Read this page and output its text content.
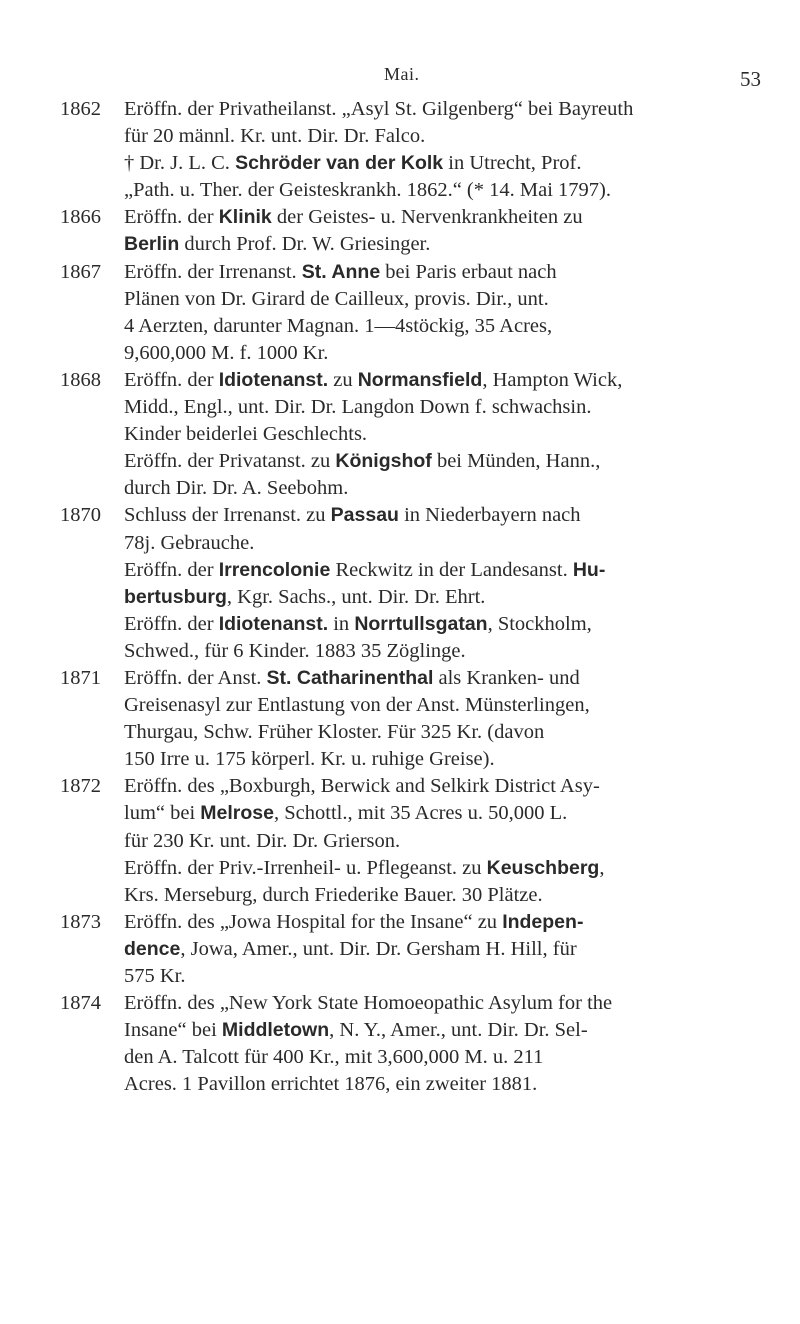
Mai.	53
1862	Eröffn. der Privatheilanst. „Asyl St. Gilgenberg“ bei Bayreuth
für 20 männl. Kr. unt. Dir. Dr. Falco.
† Dr. J. L. C. Schröder van der Kolk in Utrecht, Prof.
„Path. u. Ther. der Geisteskrankh. 1862.“ (* 14. Mai 1797).
1866	Eröffn. der Klinik der Geistes- u. Nervenkrankheiten zu
Berlin durch Prof. Dr. W. Griesinger.
1867	Eröffn. der Irrenanst. St. Anne bei Paris erbaut nach
Plänen von Dr. Girard de Cailleux, provis. Dir., unt.
4 Aerzten, darunter Magnan. 1—4stöckig, 35 Acres,
9,600,000 M. f. 1000 Kr.
1868	Eröffn. der Idiotenanst. zu Normansfield, Hampton Wick,
Midd., Engl., unt. Dir. Dr. Langdon Down f. schwachsin.
Kinder beiderlei Geschlechts.
Eröffn. der Privatanst. zu Königshof bei Münden, Hann.,
durch Dir. Dr. A. Seebohm.
1870	Schluss der Irrenanst. zu Passau in Niederbayern nach
78j. Gebrauche.
Eröffn. der Irrencolonie Reckwitz in der Landesanst. Hu-
bertusburg, Kgr. Sachs., unt. Dir. Dr. Ehrt.
Eröffn. der Idiotenanst. in Norrtullsgatan, Stockholm,
Schwed., für 6 Kinder. 1883 35 Zöglinge.
1871	Eröffn. der Anst. St. Catharinenthal als Kranken- und
Greisenasyl zur Entlastung von der Anst. Münsterlingen,
Thurgau, Schw. Früher Kloster. Für 325 Kr. (davon
150 Irre u. 175 körperl. Kr. u. ruhige Greise).
1872	Eröffn. des „Boxburgh, Berwick and Selkirk District Asy-
lum“ bei Melrose, Schottl., mit 35 Acres u. 50,000 L.
für 230 Kr. unt. Dir. Dr. Grierson.
Eröffn. der Priv.-Irrenheil- u. Pflegeanst. zu Keuschberg,
Krs. Merseburg, durch Friederike Bauer. 30 Plätze.
1873	Eröffn. des „Jowa Hospital for the Insane“ zu Indepen-
dence, Jowa, Amer., unt. Dir. Dr. Gersham H. Hill, für
575 Kr.
1874	Eröffn. des „New York State Homoeopathic Asylum for the
Insane“ bei Middletown, N. Y., Amer., unt. Dir. Dr. Sel-
den A. Talcott für 400 Kr., mit 3,600,000 M. u. 211
Acres. 1 Pavillon errichtet 1876, ein zweiter 1881.
